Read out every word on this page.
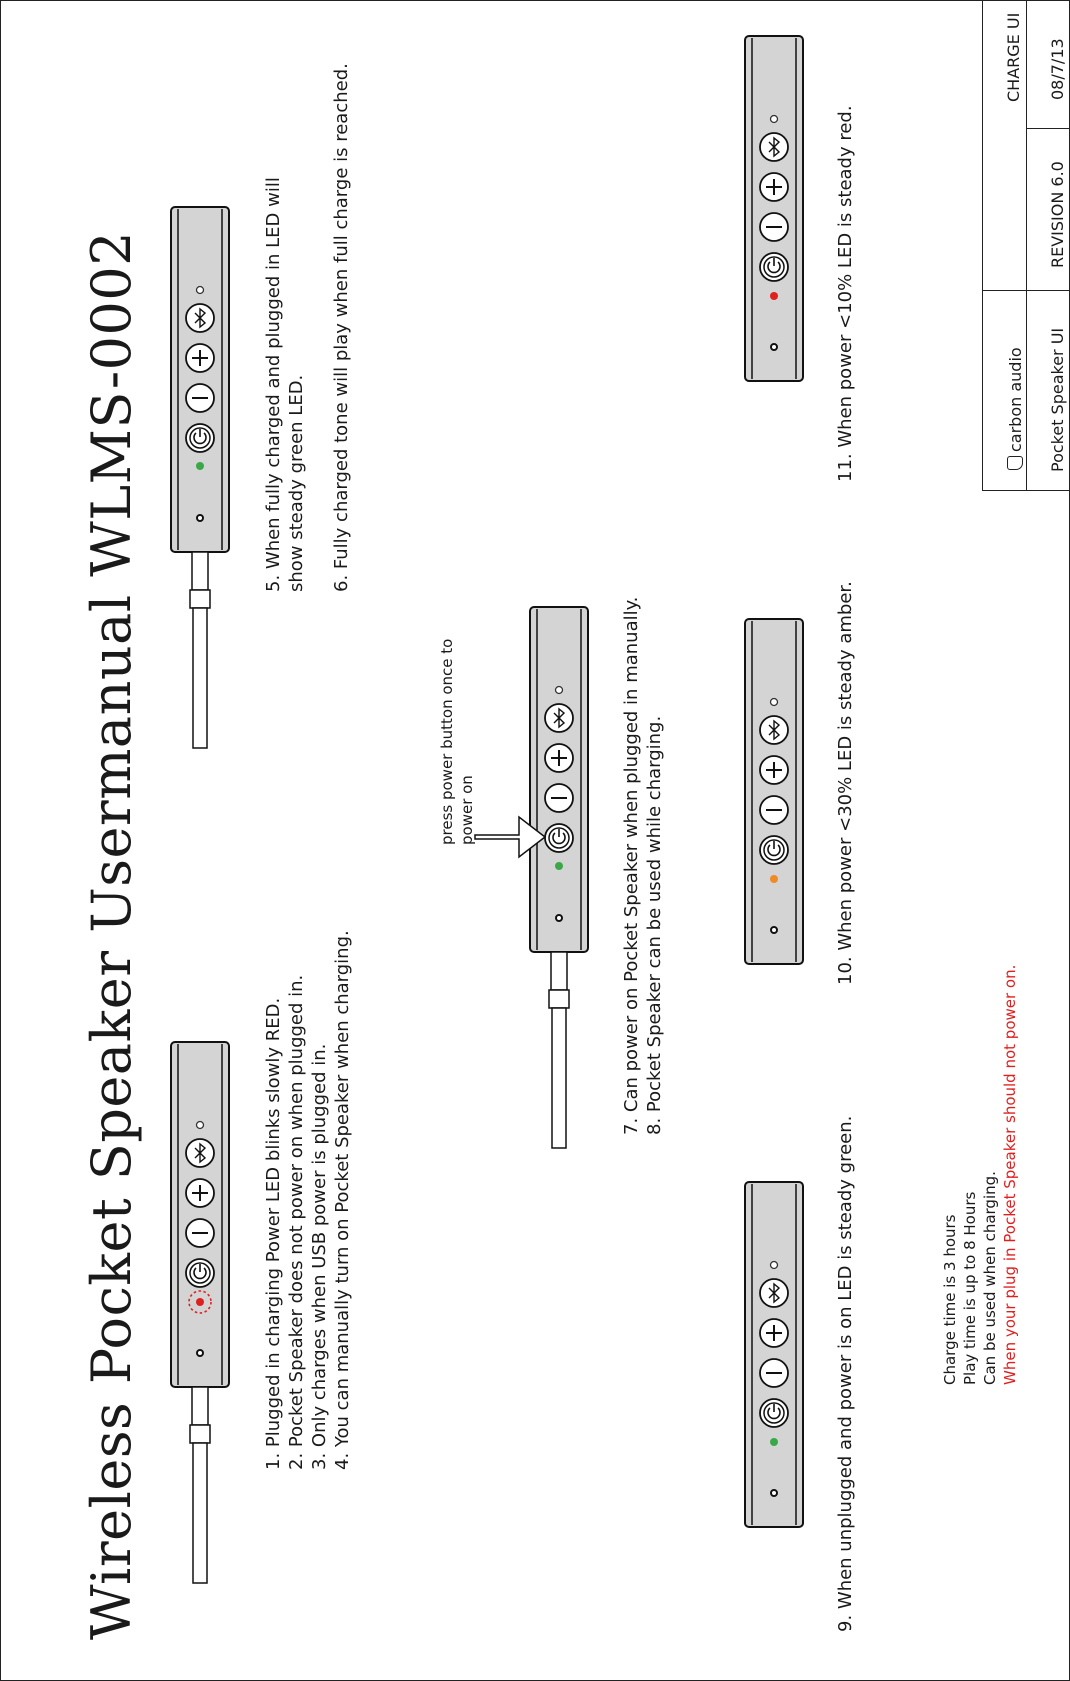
Wireless Pocket Speaker Usermanual WLMS-0002	1. Plugged in charging Power LED blinks slowly RED. 2. Pocket Speaker does not power on when plugged in. 3. Only charges when USB power is plugged in. 4. You can manually turn on Pocket Speaker when charging.
5. When fully charged and plugged in LED will show steady green LED. 6. Fully charged tone will play when full charge is reached.
press power button once to power on	7. Can power on Pocket Speaker when plugged in manually. 8. Pocket Speaker can be used while charging.
9. When unplugged and power is on LED is steady green.
10. When power <30% LED is steady amber.
11. When power <10% LED is steady red.
Charge time is 3 hours Play time is up to 8 Hours Can be used when charging. When your plug in Pocket Speaker should not power on.
carbon audio
CHARGE UI
Pocket Speaker UI
REVISION 6.0
08/7/13
